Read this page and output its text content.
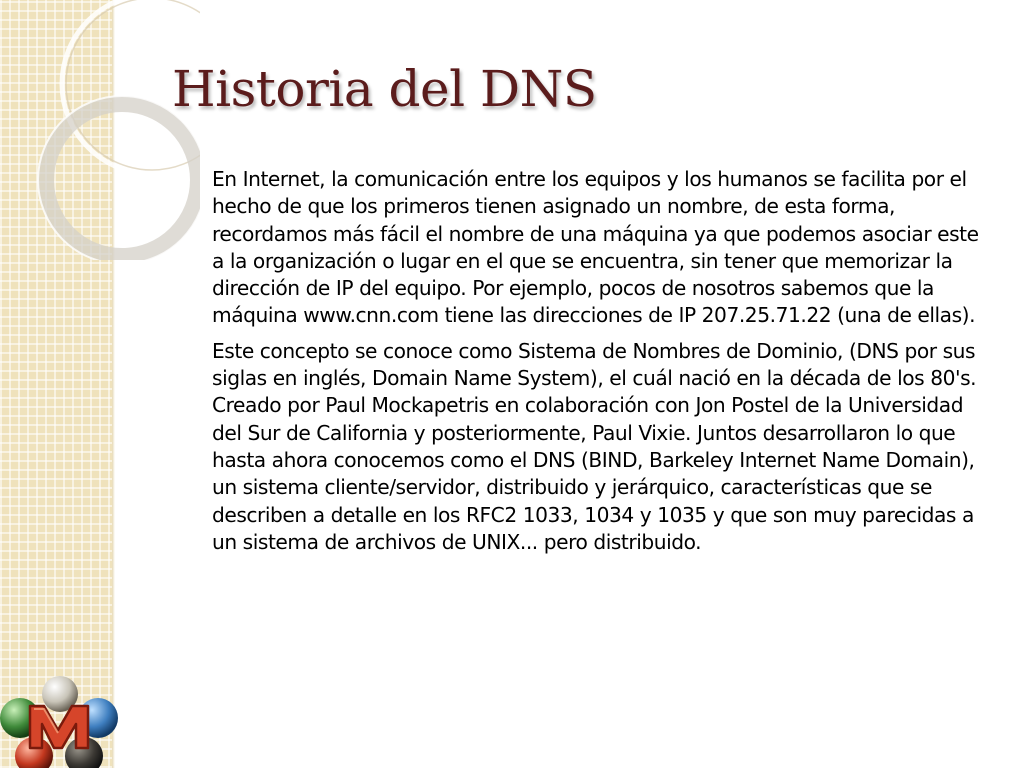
Historia del DNS

En Internet, la comunicación entre los equipos y los humanos se facilita por el hecho de que los primeros tienen asignado un nombre, de esta forma, recordamos más fácil el nombre de una máquina ya que podemos asociar este a la organización o lugar en el que se encuentra, sin tener que memorizar la dirección de IP del equipo. Por ejemplo, pocos de nosotros sabemos que la máquina www.cnn.com tiene las direcciones de IP 207.25.71.22 (una de ellas).

Este concepto se conoce como Sistema de Nombres de Dominio, (DNS por sus siglas en inglés, Domain Name System), el cuál nació en la década de los 80's. Creado por Paul Mockapetris en colaboración con Jon Postel de la Universidad del Sur de California y posteriormente, Paul Vixie. Juntos desarrollaron lo que hasta ahora conocemos como el DNS (BIND, Barkeley Internet Name Domain), un sistema cliente/servidor, distribuido y jerárquico, características que se describen a detalle en los RFC2 1033, 1034 y 1035 y que son muy parecidas a un sistema de archivos de UNIX... pero distribuido.
